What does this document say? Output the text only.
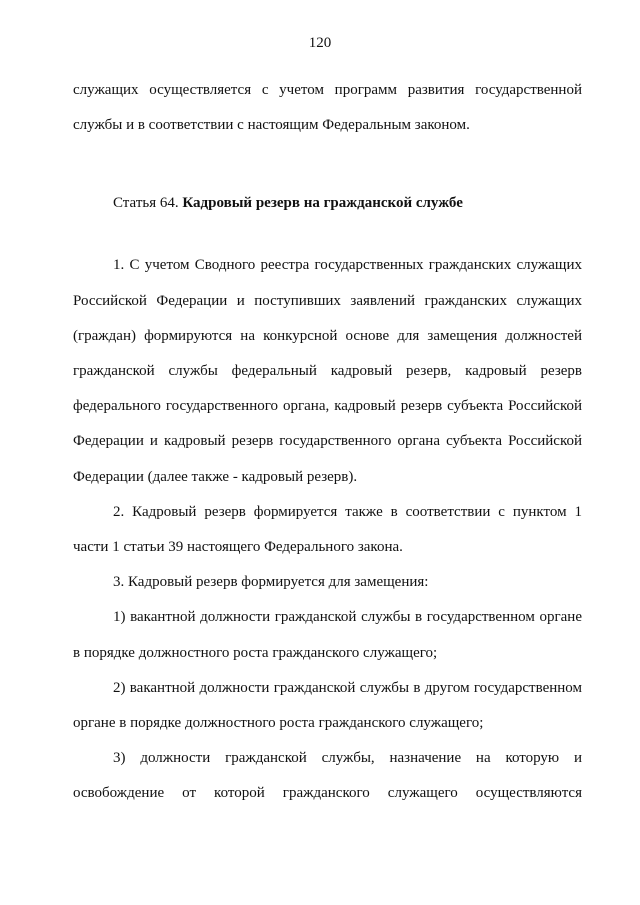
120

служащих осуществляется с учетом программ развития государственной службы и в соответствии с настоящим Федеральным законом.

Статья 64. Кадровый резерв на гражданской службе

1. С учетом Сводного реестра государственных гражданских служащих Российской Федерации и поступивших заявлений гражданских служащих (граждан) формируются на конкурсной основе для замещения должностей гражданской службы федеральный кадровый резерв, кадровый резерв федерального государственного органа, кадровый резерв субъекта Российской Федерации и кадровый резерв государственного органа субъекта Российской Федерации (далее также - кадровый резерв).

2. Кадровый резерв формируется также в соответствии с пунктом 1 части 1 статьи 39 настоящего Федерального закона.

3. Кадровый резерв формируется для замещения:

1) вакантной должности гражданской службы в государственном органе в порядке должностного роста гражданского служащего;

2) вакантной должности гражданской службы в другом государственном органе в порядке должностного роста гражданского служащего;

3) должности гражданской службы, назначение на которую и освобождение от которой гражданского служащего осуществляются
